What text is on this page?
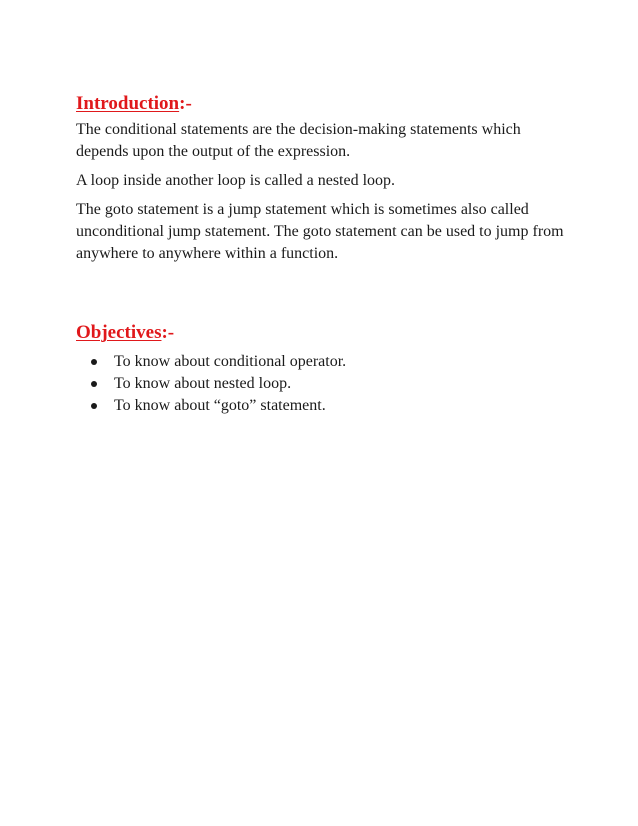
Introduction:-

The conditional statements are the decision-making statements which depends upon the output of the expression.

A loop inside another loop is called a nested loop.

The goto statement is a jump statement which is sometimes also called unconditional jump statement. The goto statement can be used to jump from anywhere to anywhere within a function.

Objectives:-
To know about conditional operator.
To know about nested loop.
To know about “goto” statement.
